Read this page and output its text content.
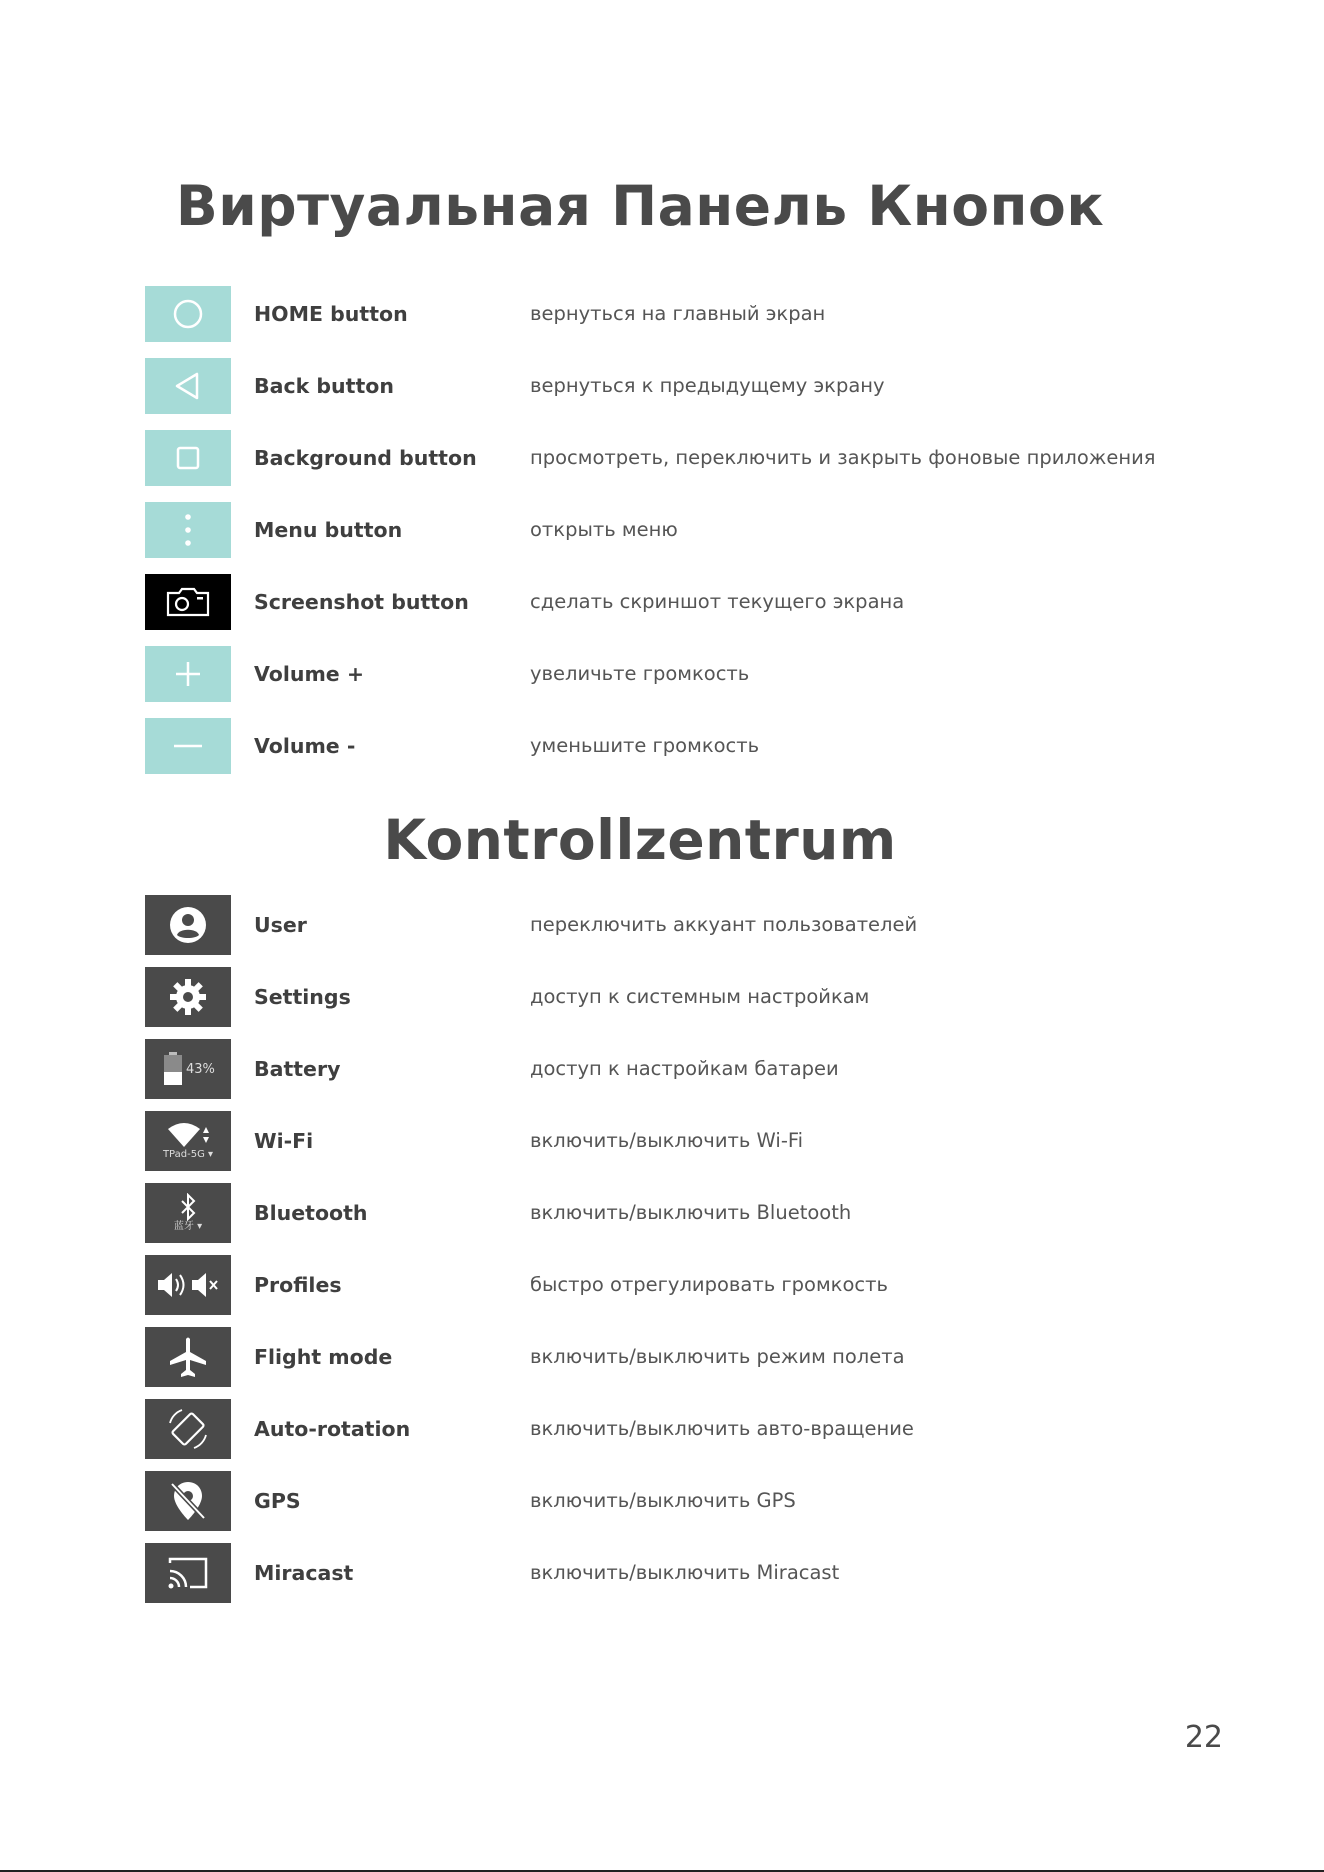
Виртуальная Панель Кнопок
HOME button	вернуться на главный экран
Back button	вернуться к предыдущему экрану
Background button	просмотреть, переключить и закрыть фоновые приложения
Menu button	открыть меню
Screenshot button	сделать скриншот текущего экрана
Volume +	увеличьте громкость
Volume -	уменьшите громкость
Kontrollzentrum
User	переключить аккуант пользователей
Settings	доступ к системным настройкам
43% Battery	доступ к настройкам батареи
TPad-5G ▾
Wi-Fi	включить/выключить Wi-Fi
蓝牙 ▾
Bluetooth	включить/выключить Bluetooth
Profiles	быстро отрегулировать громкость
Flight mode	включить/выключить режим полета
Auto-rotation	включить/выключить авто-вращение
GPS	включить/выключить GPS
Miracast	включить/выключить Miracast
22
